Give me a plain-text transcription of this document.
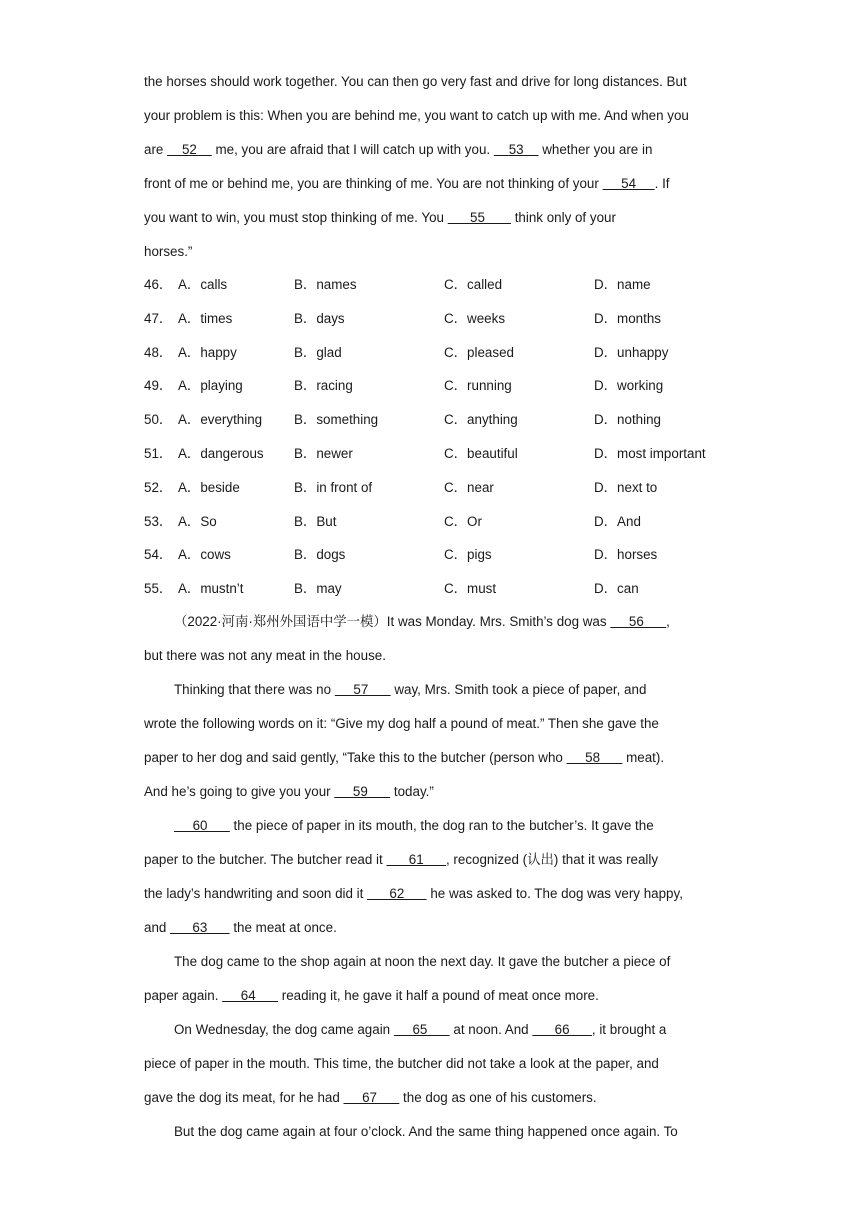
the horses should work together. You can then go very fast and drive for long distances. But
your problem is this: When you are behind me, you want to catch up with me. And when you
are     52     me, you are afraid that I will catch up with you.     53     whether you are in
front of me or behind me, you are thinking of me. You are not thinking of your      54     . If
you want to win, you must stop thinking of me. You       55        think only of your
horses.”
46． A．calls	B．names	C．called	D．name
47． A．times	B．days	C．weeks	D．months
48． A．happy	B．glad	C．pleased	D．unhappy
49． A．playing	B．racing	C．running	D．working
50． A．everything B．something	C．anything	D．nothing
51． A．dangerous B．newer	C．beautiful	D．most important
52． A．beside	B．in front of	C．near	D．next to
53． A．So	B．But	C．Or	D．And
54． A．cows	B．dogs	C．pigs	D．horses
55． A．mustn’t	B．may	C．must	D．can
（2022·河南·郑州外国语中学一模）It was Monday. Mrs. Smith’s dog was      56      ,
but there was not any meat in the house.
Thinking that there was no      57       way, Mrs. Smith took a piece of paper, and
wrote the following words on it: “Give my dog half a pound of meat.” Then she gave the
paper to her dog and said gently, “Take this to the butcher (person who      58       meat).
And he’s going to give you your      59       today.”
60       the piece of paper in its mouth, the dog ran to the butcher’s. It gave the
paper to the butcher. The butcher read it       61      , recognized (认出) that it was really
the lady’s handwriting and soon did it       62       he was asked to. The dog was very happy,
and       63       the meat at once.
The dog came to the shop again at noon the next day. It gave the butcher a piece of
paper again.      64       reading it, he gave it half a pound of meat once more.
On Wednesday, the dog came again      65       at noon. And       66      , it brought a
piece of paper in the mouth. This time, the butcher did not take a look at the paper, and
gave the dog its meat, for he had      67       the dog as one of his customers.
But the dog came again at four o’clock. And the same thing happened once again. To
